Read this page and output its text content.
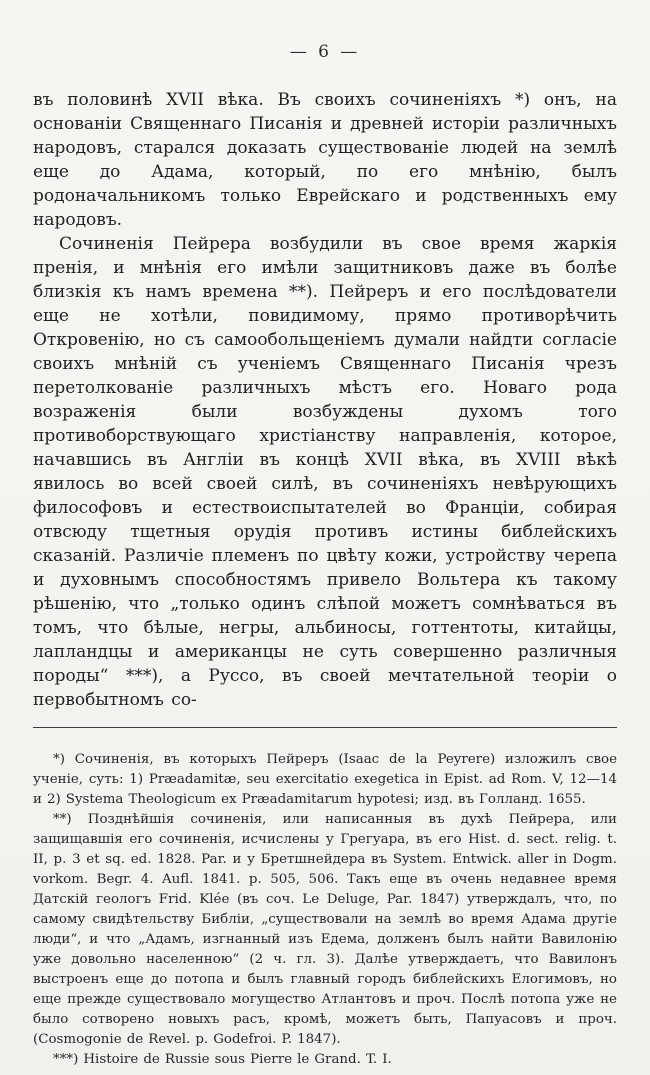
— 6 —

въ половинѣ XVII вѣка. Въ своихъ сочиненіяхъ *) онъ, на основаніи Священнаго Писанія и древней исторіи различныхъ народовъ, старался доказать существованіе людей на землѣ еще до Адама, который, по его мнѣнію, былъ родоначальникомъ только Еврейскаго и родственныхъ ему народовъ.

Сочиненія Пейрера возбудили въ свое время жаркія пренія, и мнѣнія его имѣли защитниковъ даже въ болѣе близкія къ намъ времена **). Пейреръ и его послѣдователи еще не хотѣли, повидимому, прямо противорѣчить Откровенію, но съ самообольщеніемъ думали найдти согласіе своихъ мнѣній съ ученіемъ Священнаго Писанія чрезъ перетолкованіе различныхъ мѣстъ его. Новаго рода возраженія были возбуждены духомъ того противоборствующаго христіанству направленія, которое, начавшись въ Англіи въ концѣ XVII вѣка, въ XVIII вѣкѣ явилось во всей своей силѣ, въ сочиненіяхъ невѣрующихъ философовъ и естествоиспытателей во Франціи, собирая отвсюду тщетныя орудія противъ истины библейскихъ сказаній. Различіе племенъ по цвѣту кожи, устройству черепа и духовнымъ способностямъ привело Вольтера къ такому рѣшенію, что „только одинъ слѣпой можетъ сомнѣваться въ томъ, что бѣлые, негры, альбиносы, готтентоты, китайцы, лапландцы и американцы не суть совершенно различныя породы“ ***), а Руссо, въ своей мечтательной теоріи о первобытномъ со-

*) Сочиненія, въ которыхъ Пейреръ (Isaac de la Peyrere) изложилъ свое ученіе, суть: 1) Præadamitæ, seu exercitatio exegetica in Epist. ad Rom. V, 12—14 и 2) Systema Theologicum ex Præadamitarum hypotesi; изд. въ Голланд. 1655.

**) Позднѣйшія сочиненія, или написанныя въ духѣ Пейрера, или защищавшія его сочиненія, исчислены у Грегуара, въ его Hist. d. sect. relig. t. II, p. 3 et sq. ed. 1828. Par. и у Бретшнейдера въ System. Entwick. aller in Dogm. vorkom. Begr. 4. Aufl. 1841. p. 505, 506. Такъ еще въ очень недавнее время Датскій геологъ Frid. Klée (въ соч. Le Deluge, Par. 1847) утверждалъ, что, по самому свидѣтельству Библіи, „существовали на землѣ во время Адама другіе люди“, и что „Адамъ, изгнанный изъ Едема, долженъ былъ найти Вавилонію уже довольно населенною“ (2 ч. гл. 3). Далѣе утверждаетъ, что Вавилонъ выстроенъ еще до потопа и былъ главный городъ библейскихъ Елогимовъ, но еще прежде существовало могущество Атлантовъ и проч. Послѣ потопа уже не было сотворено новыхъ расъ, кромѣ, можетъ быть, Папуасовъ и проч. (Cosmogonie de Revel. p. Godefroi. P. 1847).

***) Histoire de Russie sous Pierre le Grand. T. I.
